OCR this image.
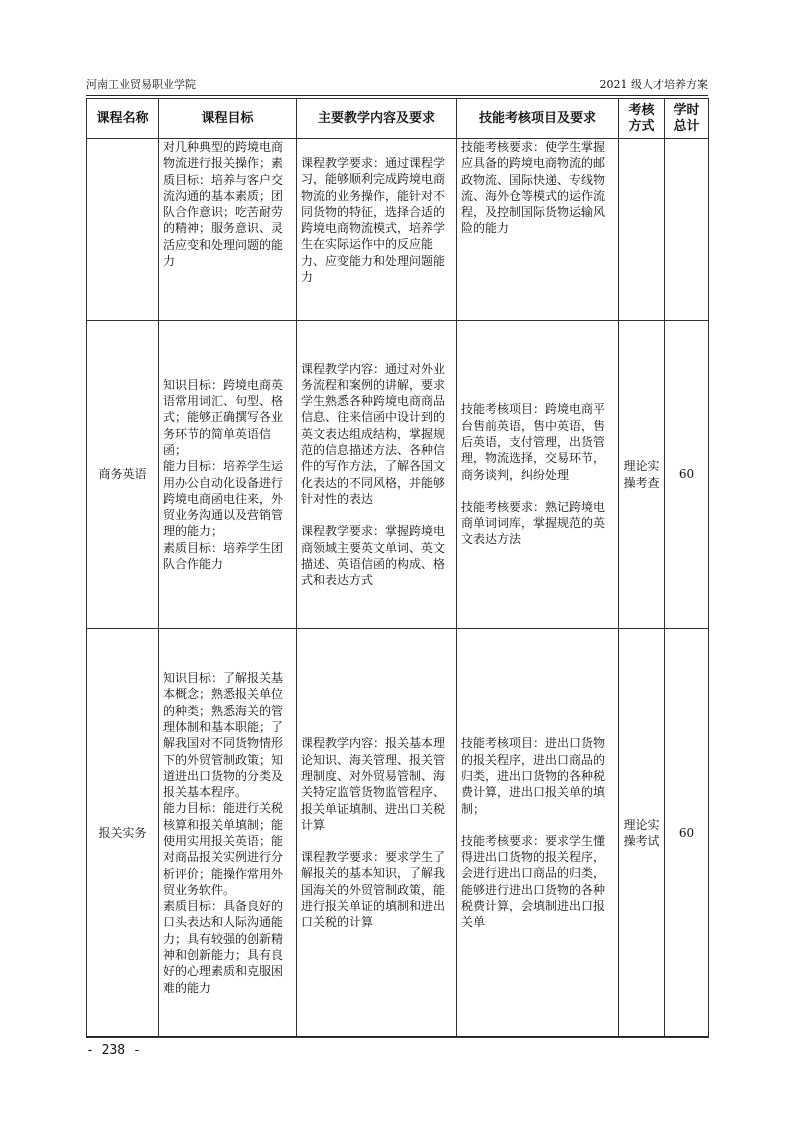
河南工业贸易职业学院	2021 级人才培养方案
课程名称	课程目标	主要教学内容及要求	技能考核项目及要求	考核方式	学时总计
	对几种典型的跨境电商物流进行报关操作；素质目标：培养与客户交流沟通的基本素质；团队合作意识；吃苦耐劳的精神；服务意识、灵活应变和处理问题的能力	课程教学要求：通过课程学习，能够顺利完成跨境电商物流的业务操作，能针对不同货物的特征，选择合适的跨境电商物流模式，培养学生在实际运作中的反应能力、应变能力和处理问题能力	技能考核要求：使学生掌握应具备的跨境电商物流的邮政物流、国际快递、专线物流、海外仓等模式的运作流程，及控制国际货物运输风险的能力		
商务英语	知识目标：跨境电商英语常用词汇、句型、格式；能够正确撰写各业务环节的简单英语信函；
能力目标：培养学生运用办公自动化设备进行跨境电商函电往来，外贸业务沟通以及营销管理的能力；
素质目标：培养学生团队合作能力	课程教学内容：通过对外业务流程和案例的讲解，要求学生熟悉各种跨境电商商品信息、往来信函中设计到的英文表达组成结构，掌握规范的信息描述方法、各种信件的写作方法，了解各国文化表达的不同风格，并能够针对性的表达
课程教学要求：掌握跨境电商领域主要英文单词、英文描述、英语信函的构成、格式和表达方式	技能考核项目：跨境电商平台售前英语，售中英语，售后英语，支付管理，出货管理，物流选择，交易环节，商务谈判，纠纷处理
技能考核要求：熟记跨境电商单词词库，掌握规范的英文表达方法	理论实操考查	60
报关实务	知识目标：了解报关基本概念；熟悉报关单位的种类；熟悉海关的管理体制和基本职能；了解我国对不同货物情形下的外贸管制政策；知道进出口货物的分类及报关基本程序。
能力目标：能进行关税核算和报关单填制；能使用实用报关英语；能对商品报关实例进行分析评价；能操作常用外贸业务软件。
素质目标：具备良好的口头表达和人际沟通能力；具有较强的创新精神和创新能力；具有良好的心理素质和克服困难的能力	课程教学内容：报关基本理论知识、海关管理、报关管理制度、对外贸易管制、海关特定监管货物监管程序、报关单证填制、进出口关税计算
课程教学要求：要求学生了解报关的基本知识，了解我国海关的外贸管制政策，能进行报关单证的填制和进出口关税的计算	技能考核项目：进出口货物的报关程序，进出口商品的归类，进出口货物的各种税费计算，进出口报关单的填制；
技能考核要求：要求学生懂得进出口货物的报关程序，会进行进出口商品的归类，能够进行进出口货物的各种税费计算，会填制进出口报关单	理论实操考试	60
- 238 -
